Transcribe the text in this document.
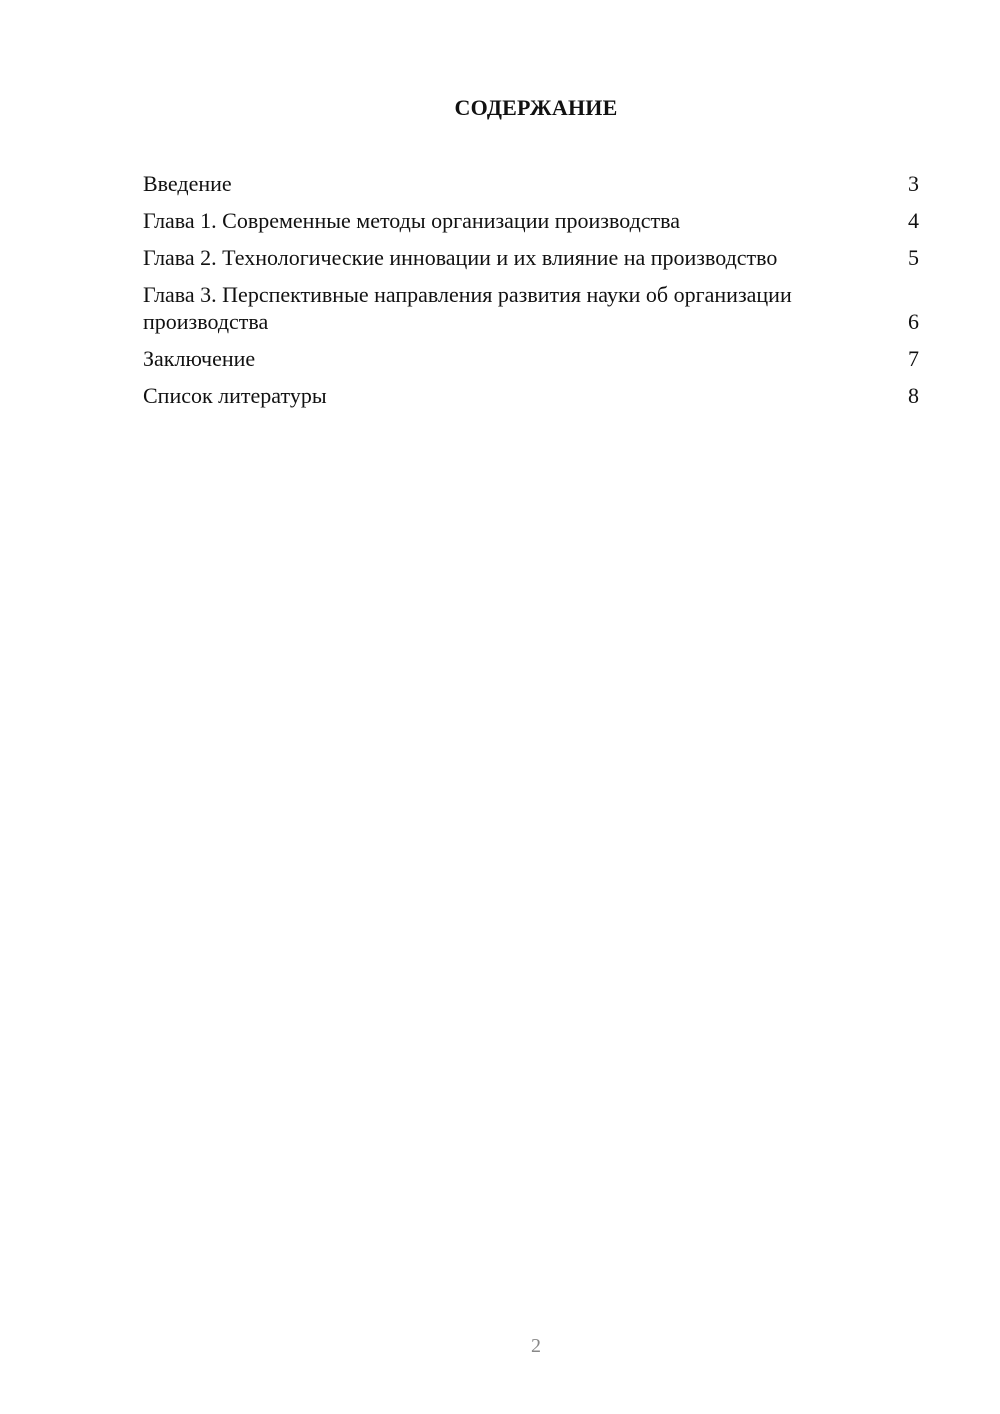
СОДЕРЖАНИЕ
Введение	3
Глава 1. Современные методы организации производства	4
Глава 2. Технологические инновации и их влияние на производство	5
Глава 3. Перспективные направления развития науки об организации производства	6
Заключение	7
Список литературы	8
2
